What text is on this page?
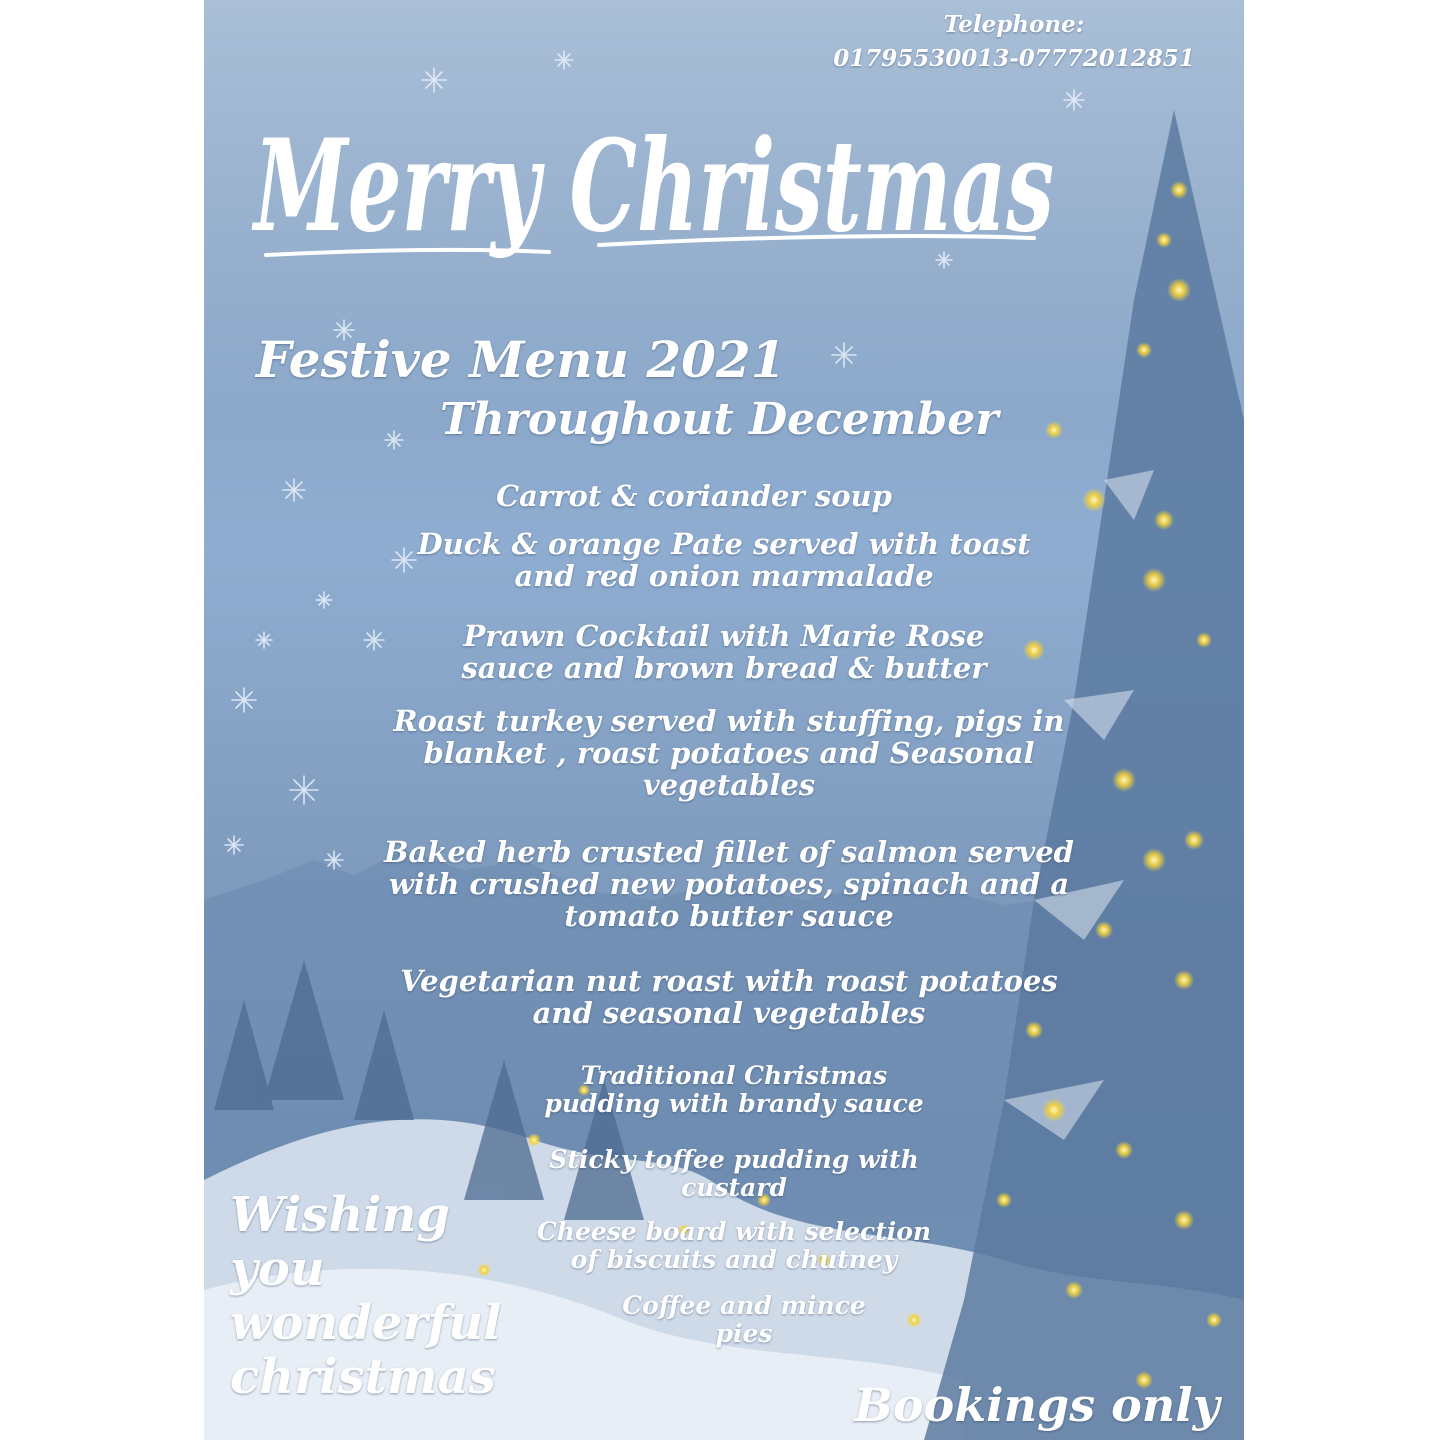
Merry Christmas
Telephone:
01795530013-07772012851
Festive Menu 2021
Throughout December
Carrot & coriander soup
Duck & orange Pate served with toast and red onion marmalade
Prawn Cocktail with Marie Rose sauce and brown bread & butter
Roast turkey served with stuffing, pigs in blanket , roast potatoes and Seasonal vegetables
Baked herb crusted fillet of salmon served with crushed new potatoes, spinach and a tomato butter sauce
Vegetarian nut roast with roast potatoes and seasonal vegetables
Traditional Christmas pudding with brandy sauce
Sticky toffee pudding with custard
Cheese board with selection of biscuits and chutney
Coffee and mince pies
Wishing
you
wonderful
christmas	Bookings only
